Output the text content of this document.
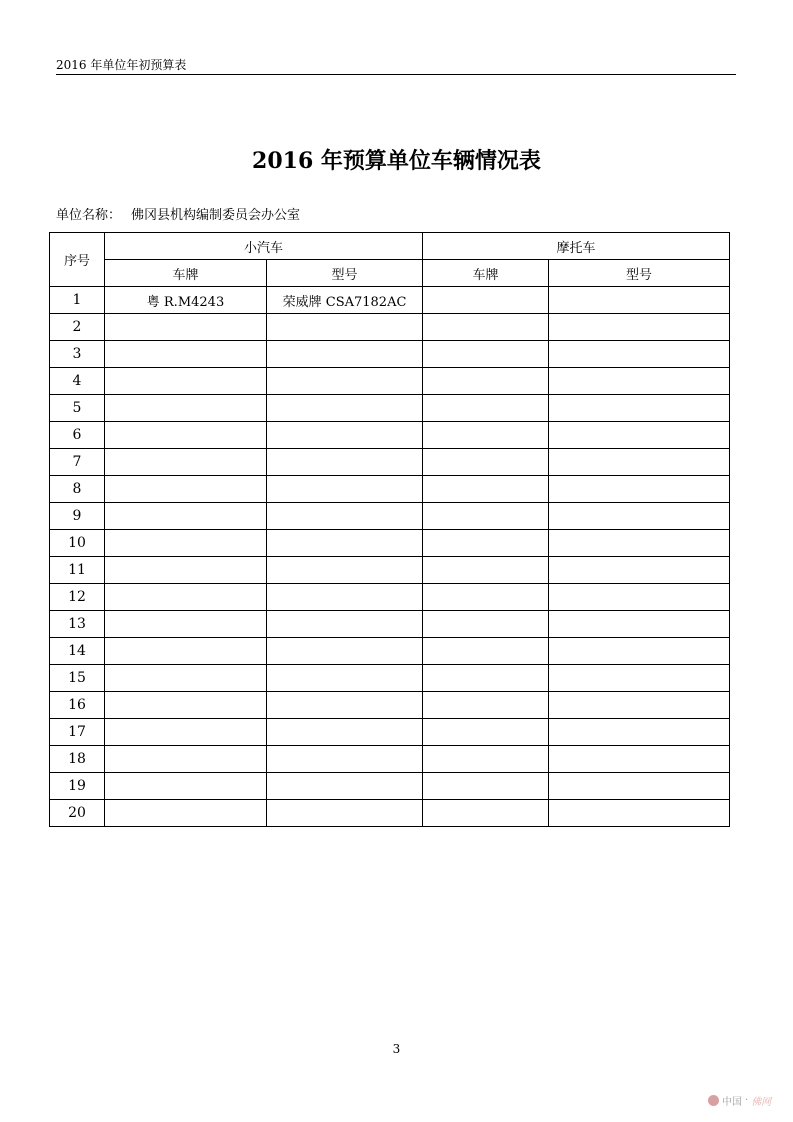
2016 年单位年初预算表
2016 年预算单位车辆情况表
单位名称： 佛冈县机构编制委员会办公室
序号	小汽车		摩托车	
	车牌	型号	车牌	型号
1	粤 R.M4243	荣威牌 CSA7182AC		
2				
3				
4				
5				
6				
7				
8				
9				
10				
11				
12				
13				
14				
15				
16				
17				
18				
19				
20				
3
中国 · 佛网
